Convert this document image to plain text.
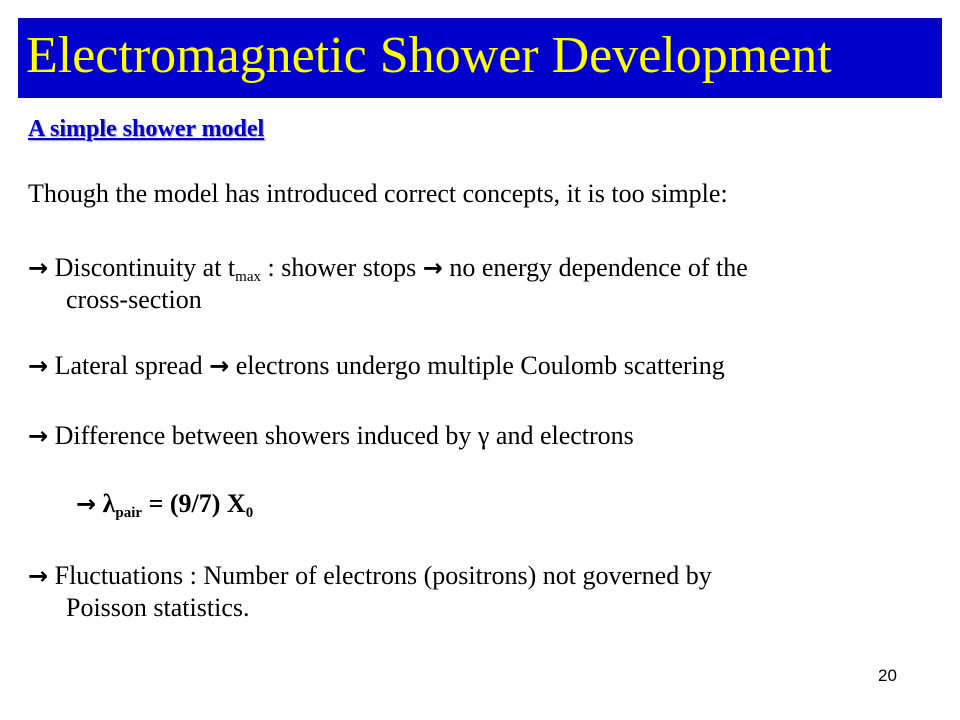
Electromagnetic Shower Development
A simple shower model
Though the model has introduced correct concepts, it is too simple:
→ Discontinuity at $t_{max}$ : shower stops → no energy dependence of the
cross-section
→ Lateral spread → electrons undergo multiple Coulomb scattering
→ Difference between showers induced by γ and electrons
→ $\lambda_{pair} = (9/7)$ $X_0$
→ Fluctuations : Number of electrons (positrons) not governed by
Poisson statistics.
20
